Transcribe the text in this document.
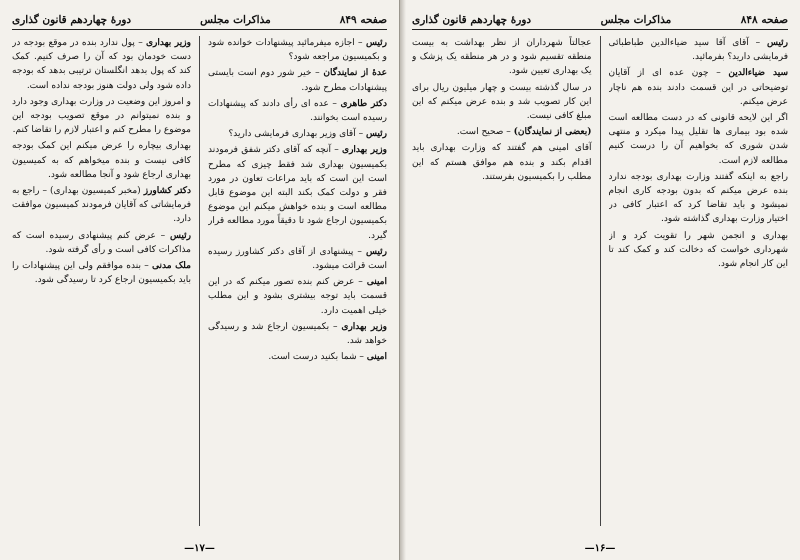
صفحه ۸۴۹
مذاکرات مجلس
دورهٔ چهاردهم قانون گذاری

رئیس – اجازه میفرمائید پیشنهادات خوانده شود و بکمیسیون مراجعه شود؟

عدهٔ از نمایندگان – خیر شور دوم است بایستی پیشنهادات مطرح شود.

دکتر طاهری – عده ای رأی دادند که پیشنهادات رسیده است بخوانند.

رئیس – آقای وزیر بهداری فرمایشی دارید؟

وزیر بهداری – آنچه که آقای دکتر شفق فرمودند بکمیسیون بهداری شد فقط چیزی که مطرح است این است که باید مراعات تعاون در مورد فقر و دولت کمک بکند البته این موضوع قابل مطالعه است و بنده خواهش میکنم این موضوع بکمیسیون ارجاع شود تا دقیقاً مورد مطالعه قرار گیرد.

رئیس – پیشنهادی از آقای دکتر کشاورز رسیده است قرائت میشود.

امینی – عرض کنم بنده تصور میکنم که در این قسمت باید توجه بیشتری بشود و این مطلب خیلی اهمیت دارد.

وزیر بهداری – بکمیسیون ارجاع شد و رسیدگی خواهد شد.

امینی – شما بکنید درست است.

وزیر بهداری – پول ندارد بنده در موقع بودجه در دست خودمان بود که آن را صرف کنیم. کمک کند که پول بدهد انگلستان ترتیبی بدهد که بودجه داده شود ولی دولت هنوز بودجه نداده است.

و امروز این وضعیت در وزارت بهداری وجود دارد و بنده نمیتوانم در موقع تصویب بودجه این موضوع را مطرح کنم و اعتبار لازم را تقاضا کنم.

بهداری بیچاره را عرض میکنم این کمک بودجه کافی نیست و بنده میخواهم که به کمیسیون بهداری ارجاع شود و آنجا مطالعه شود.

دکتر کشاورز (مخبر کمیسیون بهداری) – راجع به فرمایشاتی که آقایان فرمودند کمیسیون موافقت دارد.

رئیس – عرض کنم پیشنهادی رسیده است که مذاکرات کافی است و رأی گرفته شود.

ملک مدنی – بنده موافقم ولی این پیشنهادات را باید بکمیسیون ارجاع کرد تا رسیدگی شود.

—۱۷—
صفحه ۸۴۸
مذاکرات مجلس
دورهٔ چهاردهم قانون گذاری

رئیس – آقای آقا سید ضیاءالدین طباطبائی فرمایشی دارید؟ بفرمائید.

سید ضیاءالدین – چون عده ای از آقایان توضیحاتی در این قسمت دادند بنده هم ناچار عرض میکنم.

اگر این لایحه قانونی که در دست مطالعه است شده بود بیماری ها تقلیل پیدا میکرد و منتهی شدن شوری که بخواهیم آن را درست کنیم مطالعه لازم است.

راجع به اینکه گفتند وزارت بهداری بودجه ندارد بنده عرض میکنم که بدون بودجه کاری انجام نمیشود و باید تقاضا کرد که اعتبار کافی در اختیار وزارت بهداری گذاشته شود.

بهداری و انجمن شهر را تقویت کرد و از شهرداری خواست که دخالت کند و کمک کند تا این کار انجام شود.

عجالتاً شهرداران از نظر بهداشت به بیست منطقه تقسیم شود و در هر منطقه یک پزشک و یک بهداری تعیین شود.

در سال گذشته بیست و چهار میلیون ریال برای این کار تصویب شد و بنده عرض میکنم که این مبلغ کافی نیست.

(بعضی از نمایندگان) – صحیح است.

آقای امینی هم گفتند که وزارت بهداری باید اقدام بکند و بنده هم موافق هستم که این مطلب را بکمیسیون بفرستند.

—۱۶—
